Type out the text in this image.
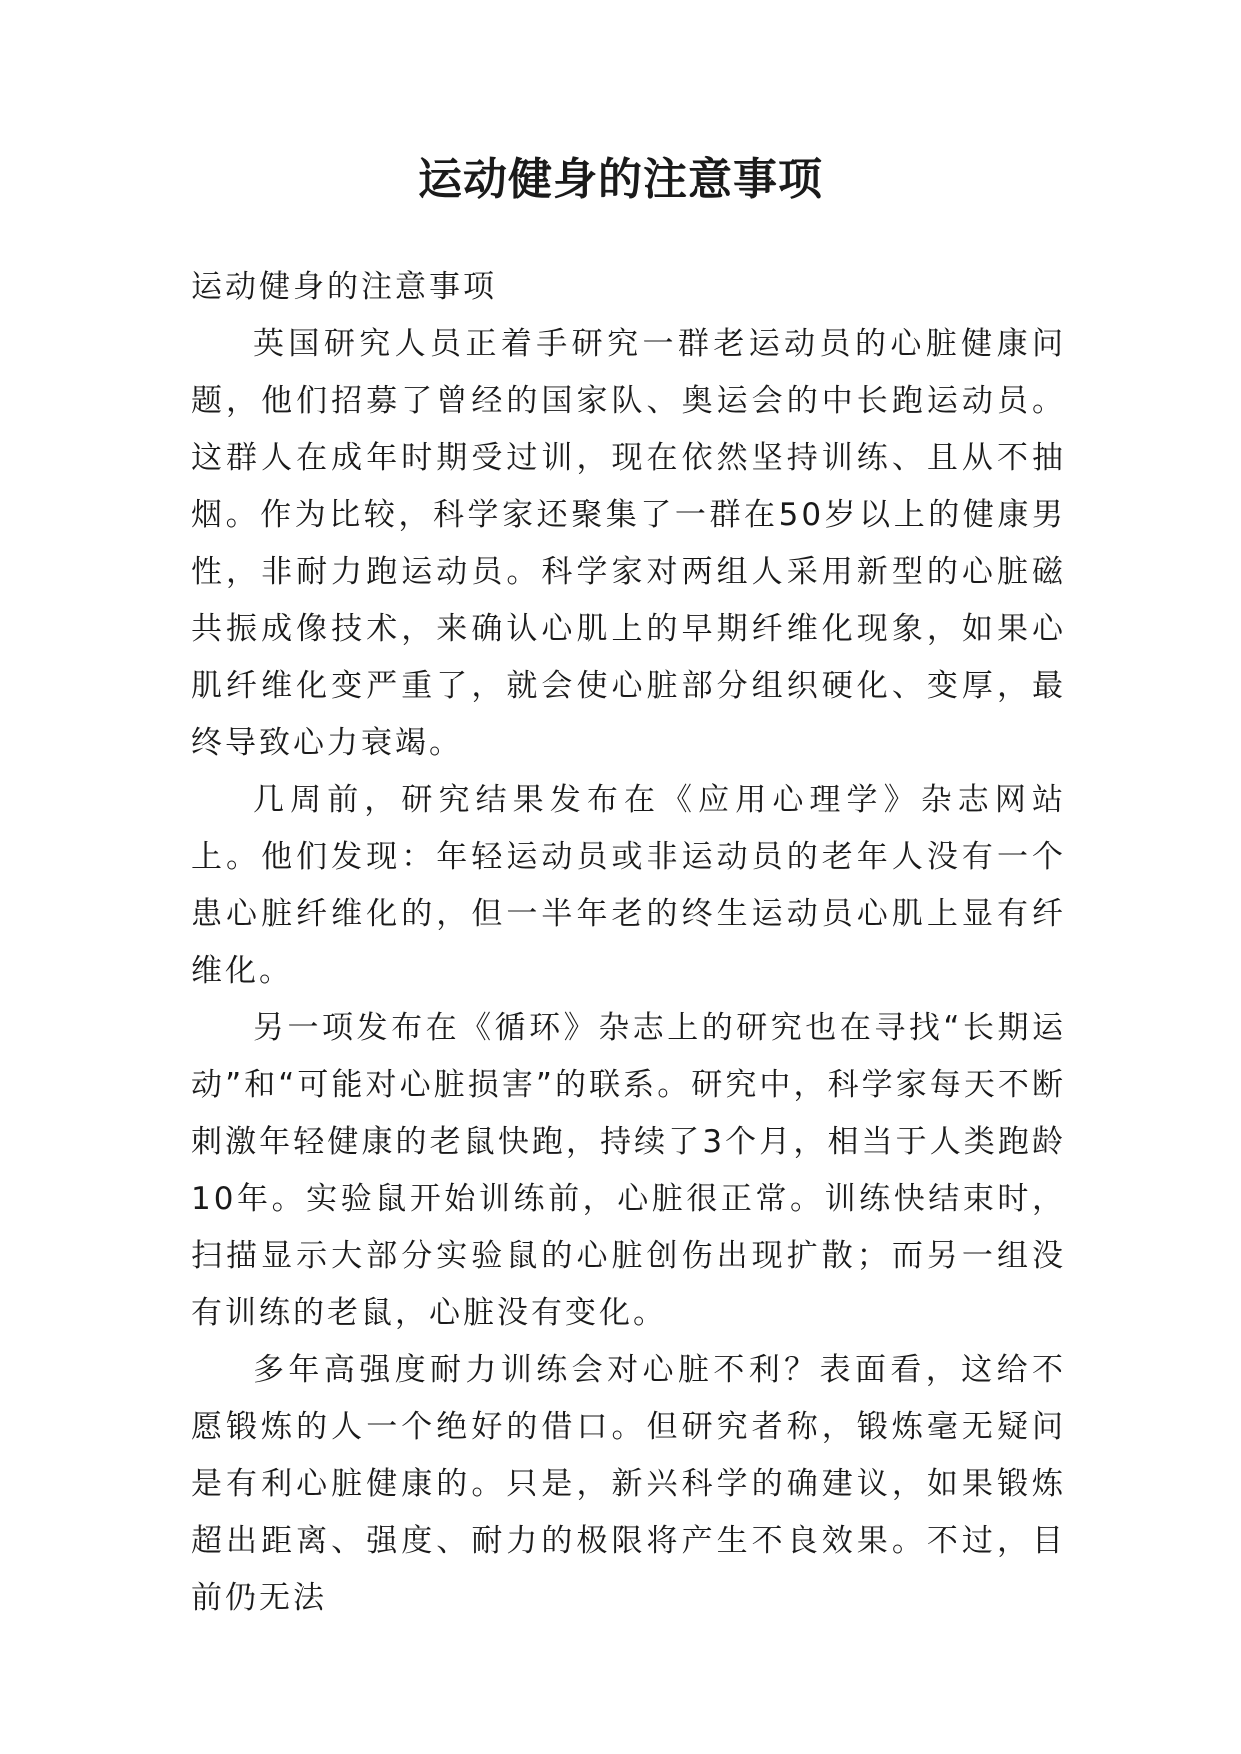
运动健身的注意事项

运动健身的注意事项

英国研究人员正着手研究一群老运动员的心脏健康问题，他们招募了曾经的国家队、奥运会的中长跑运动员。这群人在成年时期受过训，现在依然坚持训练、且从不抽烟。作为比较，科学家还聚集了一群在50岁以上的健康男性，非耐力跑运动员。科学家对两组人采用新型的心脏磁共振成像技术，来确认心肌上的早期纤维化现象，如果心肌纤维化变严重了，就会使心脏部分组织硬化、变厚，最终导致心力衰竭。

几周前，研究结果发布在《应用心理学》杂志网站上。他们发现：年轻运动员或非运动员的老年人没有一个患心脏纤维化的，但一半年老的终生运动员心肌上显有纤维化。

另一项发布在《循环》杂志上的研究也在寻找“长期运动”和“可能对心脏损害”的联系。研究中，科学家每天不断刺激年轻健康的老鼠快跑，持续了3个月，相当于人类跑龄10年。实验鼠开始训练前，心脏很正常。训练快结束时，扫描显示大部分实验鼠的心脏创伤出现扩散；而另一组没有训练的老鼠，心脏没有变化。

多年高强度耐力训练会对心脏不利？表面看，这给不愿锻炼的人一个绝好的借口。但研究者称，锻炼毫无疑问是有利心脏健康的。只是，新兴科学的确建议，如果锻炼超出距离、强度、耐力的极限将产生不良效果。不过，目前仍无法
